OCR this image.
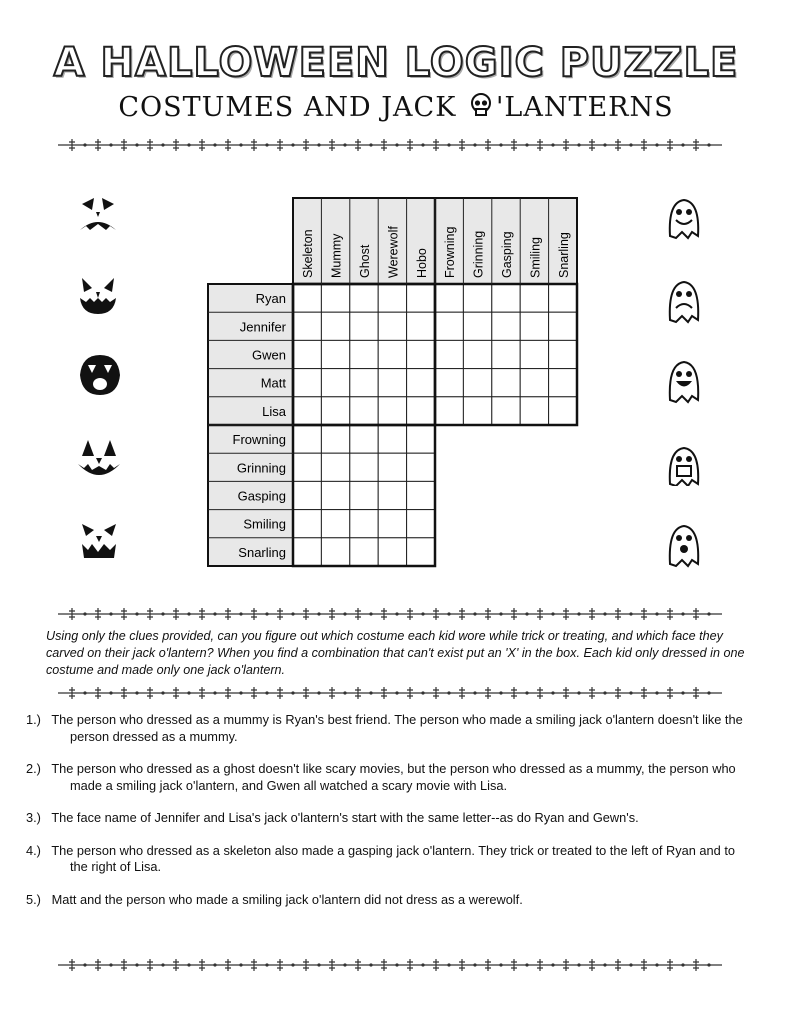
A HALLOWEEN LOGIC PUZZLE
COSTUMES AND JACK 'LANTERNS
Skeleton Mummy Ghost Werewolf Hobo Frowning Grinning Gasping Smiling Snarling
Ryan
Jennifer
Gwen
Matt
Lisa
Frowning
Grinning
Gasping
Smiling
Snarling
Using only the clues provided, can you figure out which costume each kid wore while trick or treating, and which face they carved on their jack o'lantern? When you find a combination that can't exist put an 'X' in the box. Each kid only dressed in one costume and made only one jack o'lantern.
1.) The person who dressed as a mummy is Ryan's best friend. The person who made a smiling jack o'lantern doesn't like the person dressed as a mummy.
2.) The person who dressed as a ghost doesn't like scary movies, but the person who dressed as a mummy, the person who made a smiling jack o'lantern, and Gwen all watched a scary movie with Lisa.
3.) The face name of Jennifer and Lisa's jack o'lantern's start with the same letter--as do Ryan and Gewn's.
4.) The person who dressed as a skeleton also made a gasping jack o'lantern. They trick or treated to the left of Ryan and to the right of Lisa.
5.) Matt and the person who made a smiling jack o'lantern did not dress as a werewolf.
